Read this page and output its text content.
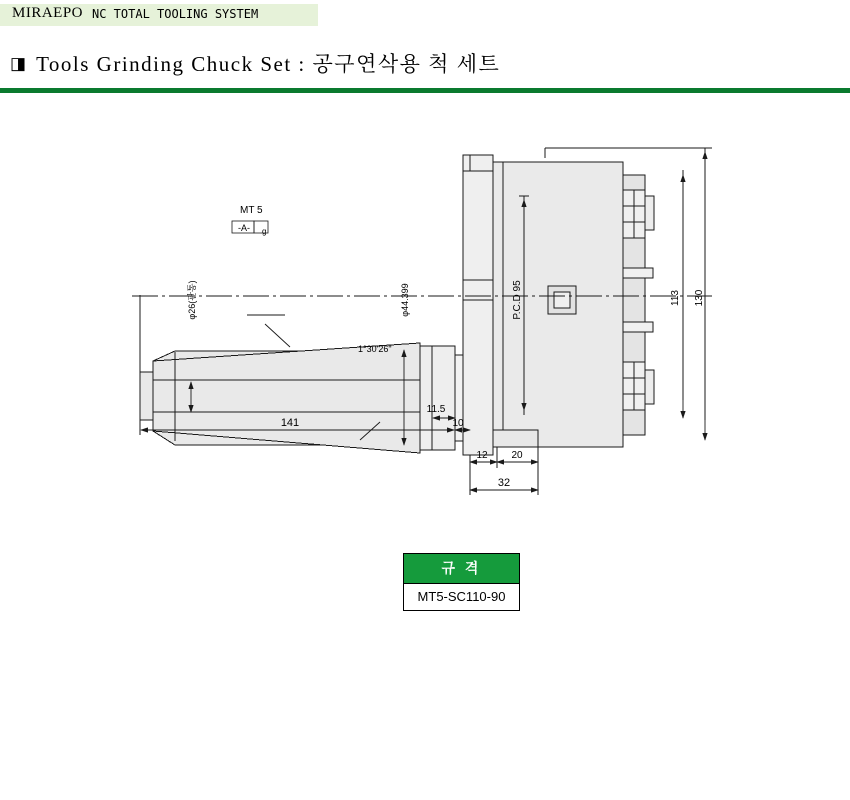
MIRAEPO NC TOTAL TOOLING SYSTEM
◨ Tools Grinding Chuck Set : 공구연삭용 척 세트
MT 5
-A- g
φ26(관통)	φ44.399
1°30'26"
P.C.D 95	113 130
141
11.5
10
12 20
32
규 격
MT5-SC110-90
